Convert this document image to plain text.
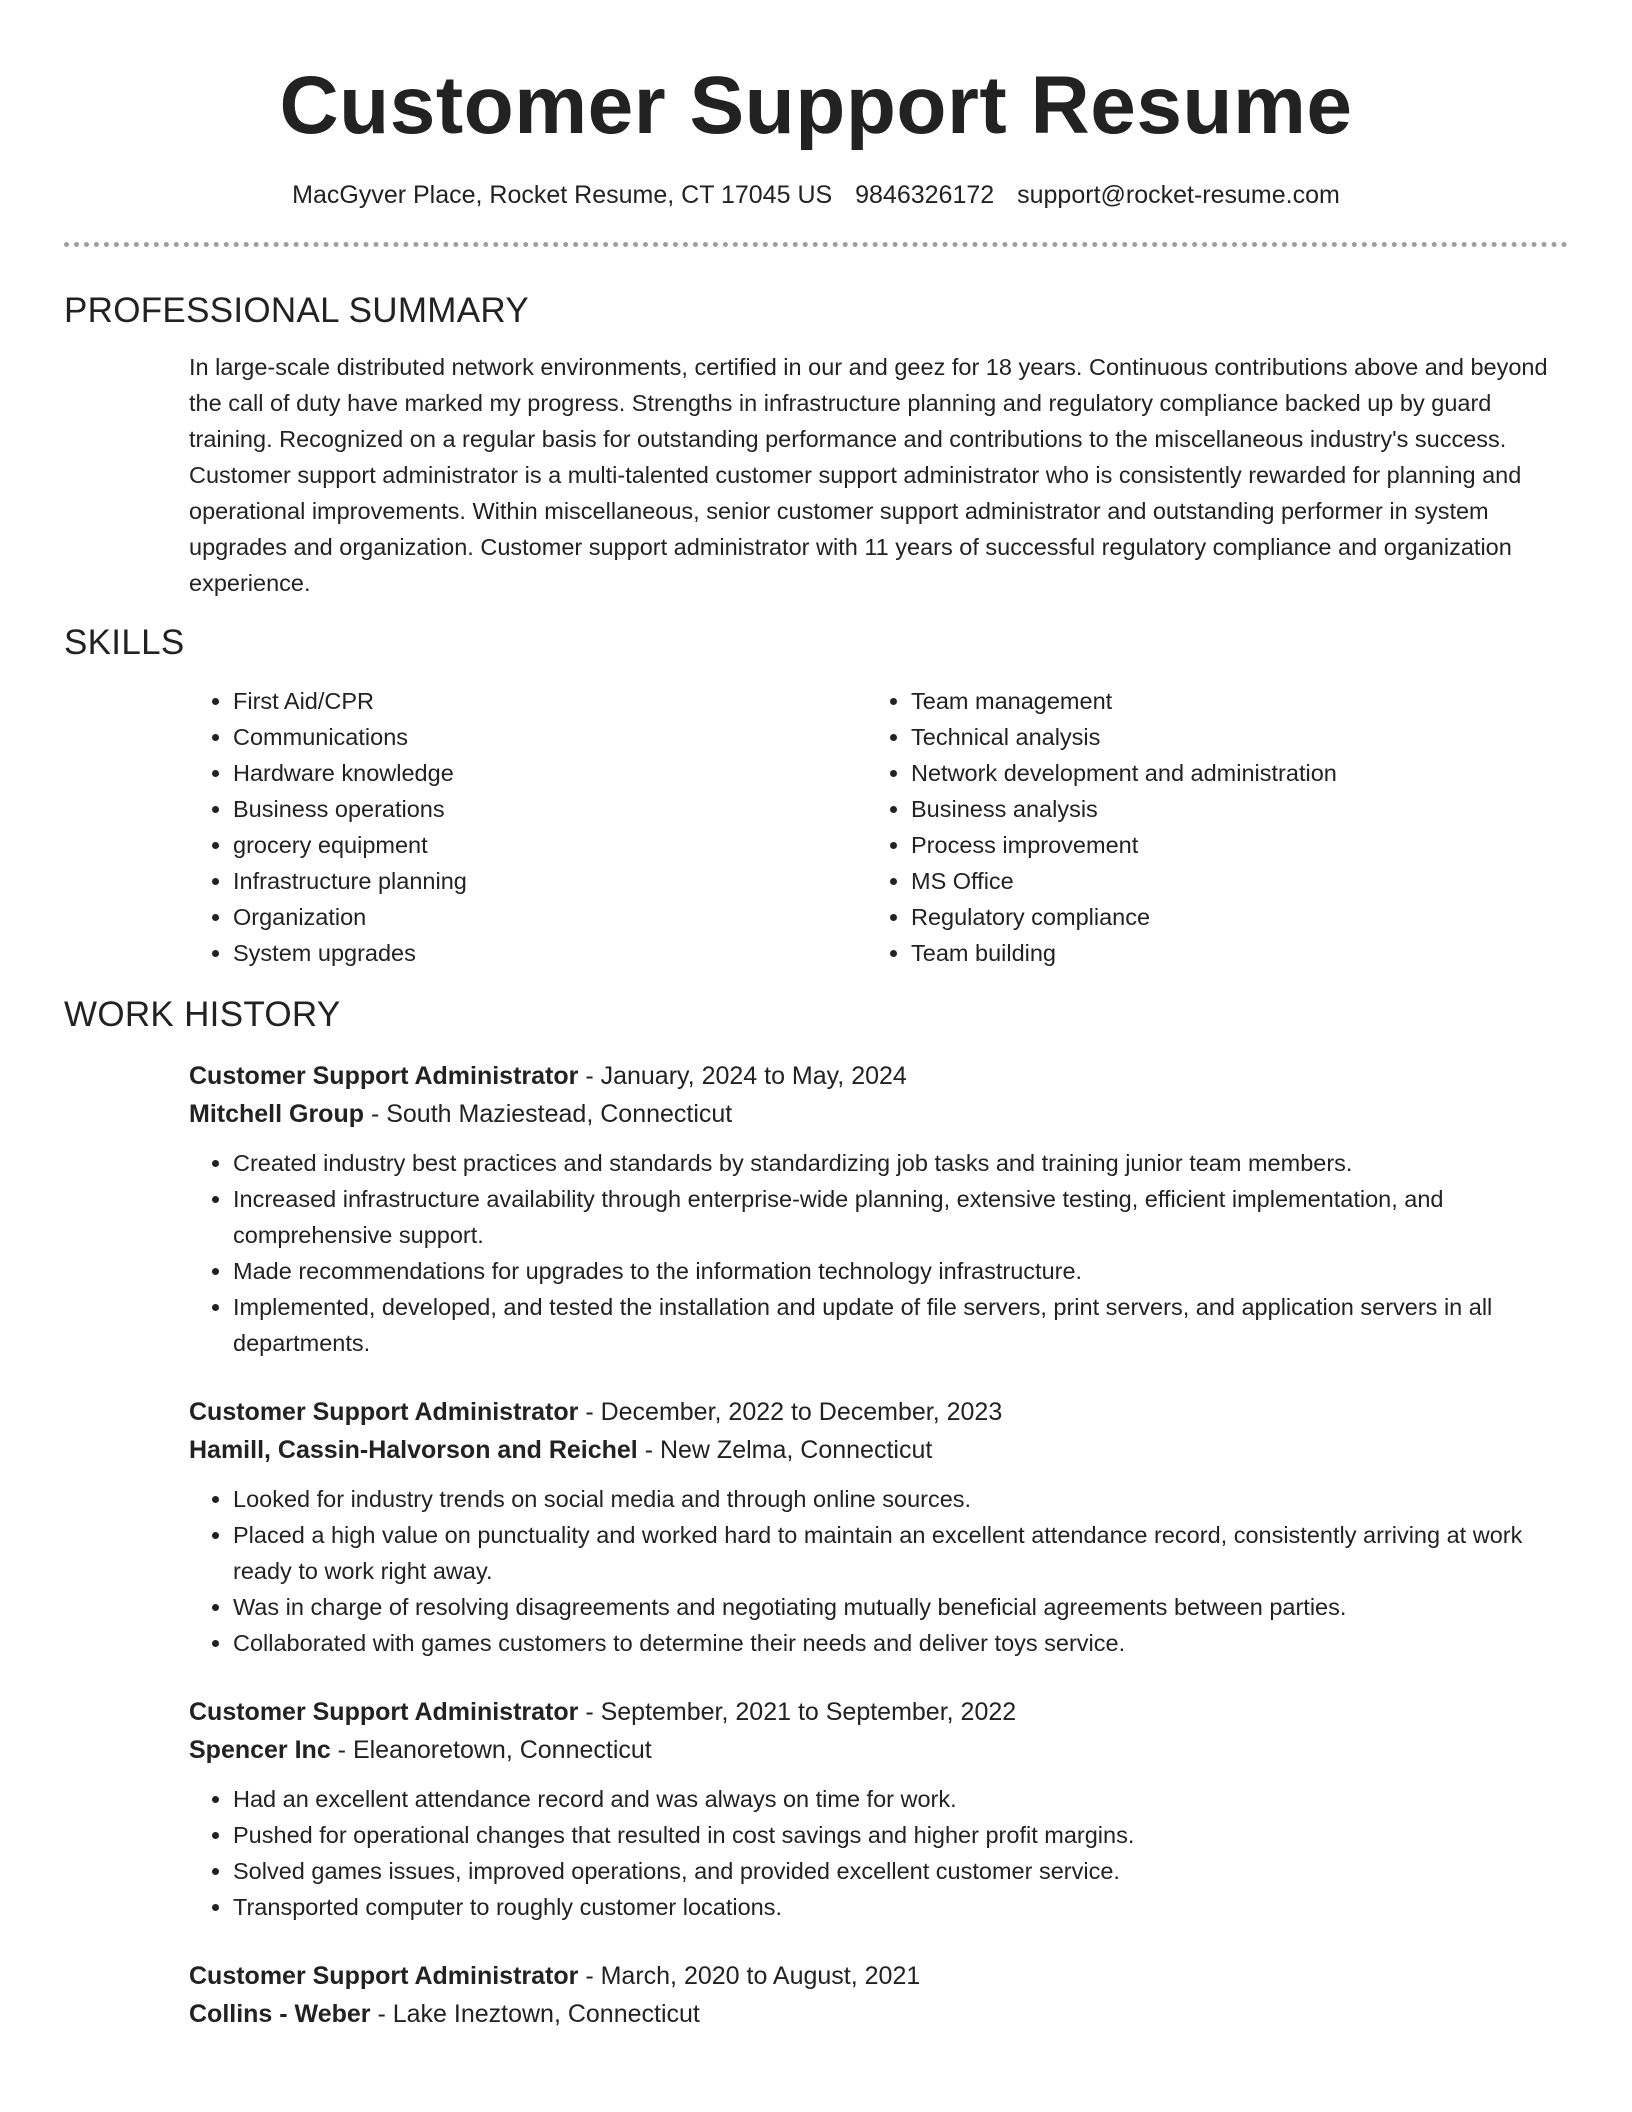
Customer Support Resume
MacGyver Place, Rocket Resume, CT 17045 US 9846326172 support@rocket-resume.com
PROFESSIONAL SUMMARY
In large-scale distributed network environments, certified in our and geez for 18 years. Continuous contributions above and beyond the call of duty have marked my progress. Strengths in infrastructure planning and regulatory compliance backed up by guard training. Recognized on a regular basis for outstanding performance and contributions to the miscellaneous industry's success. Customer support administrator is a multi-talented customer support administrator who is consistently rewarded for planning and operational improvements. Within miscellaneous, senior customer support administrator and outstanding performer in system upgrades and organization. Customer support administrator with 11 years of successful regulatory compliance and organization experience.
SKILLS
• First Aid/CPR
• Communications
• Hardware knowledge
• Business operations
• grocery equipment
• Infrastructure planning
• Organization
• System upgrades
• Team management
• Technical analysis
• Network development and administration
• Business analysis
• Process improvement
• MS Office
• Regulatory compliance
• Team building
WORK HISTORY
Customer Support Administrator - January, 2024 to May, 2024
Mitchell Group - South Maziestead, Connecticut
• Created industry best practices and standards by standardizing job tasks and training junior team members.
• Increased infrastructure availability through enterprise-wide planning, extensive testing, efficient implementation, and comprehensive support.
• Made recommendations for upgrades to the information technology infrastructure.
• Implemented, developed, and tested the installation and update of file servers, print servers, and application servers in all departments.
Customer Support Administrator - December, 2022 to December, 2023
Hamill, Cassin-Halvorson and Reichel - New Zelma, Connecticut
• Looked for industry trends on social media and through online sources.
• Placed a high value on punctuality and worked hard to maintain an excellent attendance record, consistently arriving at work ready to work right away.
• Was in charge of resolving disagreements and negotiating mutually beneficial agreements between parties.
• Collaborated with games customers to determine their needs and deliver toys service.
Customer Support Administrator - September, 2021 to September, 2022
Spencer Inc - Eleanoretown, Connecticut
• Had an excellent attendance record and was always on time for work.
• Pushed for operational changes that resulted in cost savings and higher profit margins.
• Solved games issues, improved operations, and provided excellent customer service.
• Transported computer to roughly customer locations.
Customer Support Administrator - March, 2020 to August, 2021
Collins - Weber - Lake Ineztown, Connecticut
